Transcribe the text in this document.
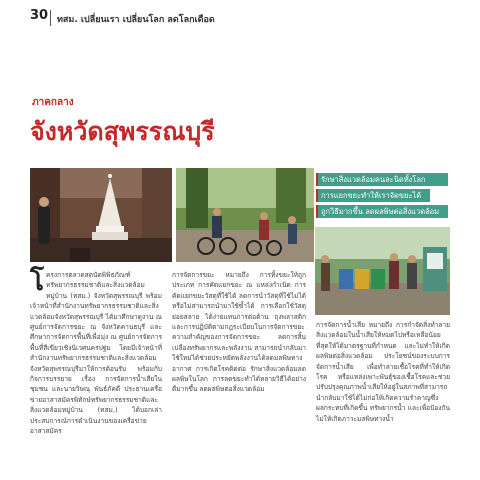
30 ทสม. เปลี่ยนเรา เปลี่ยนโลก ลดโลกเดือด
ภาคกลาง
จังหวัดสุพรรณบุรี
รักษาสิ่งแวดล้อมคนละนิดทั้งโลก
การแยกขยะทำให้เราจัดขยะได้
ถูกวิธีมากขึ้น ลดผลพิษต่อสิ่งแวดล้อม
โครงการตลาดสดนัดพิพิธภัณฑ์ทรัพยากรธรรมชาติและสิ่งแวดล้อมหมู่บ้าน (ทสม.) จังหวัดสุพรรณบุรี พร้อมเจ้าหน้าที่สำนักงานทรัพยากรธรรมชาติและสิ่งแวดล้อมจังหวัดสุพรรณบุรี ได้มาศึกษาดูงาน ณ ศูนย์การจัดการขยะ ณ จังหวัดคานธบุรี และศึกษาการจัดการพื้นที่เพื่อมุ่ง ณ ศูนย์การจัดการพื้นที่สีเขียวเชิงนิเวศนครปฐม โดยมีเจ้าหน้าที่สำนักงานทรัพยากรธรรมชาติและสิ่งแวดล้อมจังหวัดสุพรรณบุรีมาให้การต้อนรับ พร้อมกับกิจการบรรยาย เรื่อง การจัดการน้ำเสียในชุมชน และนายวิษณุ พันธ์ภัคดี ประธานเครือข่ายอาสาสมัครพิทักษ์ทรัพยากรธรรมชาติและสิ่งแวดล้อมหมู่บ้าน (ทสม.) ได้บอกเล่าประสบการณ์การดำเนินงานของเครือข่ายอาสาสมัคร
การจัดการขยะ หมายถึง การทิ้งขยะให้ถูกประเภท การคัดแยกขยะ ณ แหล่งกำเนิด การคัดแยกขยะวัสดุที่ใช้ได้ ลดการนำวัสดุที่ใช้ไม่ได้หรือไม่สามารถนำมาใช้ซ้ำได้ การเลือกใช้วัสดุย่อยสลาย ได้ง่ายแทนการต่อต้าน ถุงพลาสติกและการปฏิบัติตามกฎระเบียบในการจัดการขยะ ความสำคัญของการจัดการขยะ ลดการสิ้นเปลืองทรัพยากรและพลังงาน สามารถนำกลับมาใช้ใหม่ได้ช่วยประหยัดพลังงานได้ลดมลพิษทางอากาศ การเกิดโรคติดต่อ รักษาสิ่งแวดล้อมลดผลพิษในโลก การลดขยะทำได้หลายวิธีได้อย่างดีมากขึ้น ลดผลพิษต่อสิ่งแวดล้อม
การจัดการน้ำเสีย หมายถึง การกำจัดสิ่งทำลายสิ่งแวดล้อมในน้ำเสียให้หมดไปหรือเหลือน้อยที่สุดให้ได้มาตรฐานที่กำหนด และไม่ทำให้เกิดผลพิษต่อสิ่งแวดล้อม ประโยชน์ของระบบการจัดการน้ำเสีย เพื่อทำลายเชื้อโรคที่ทำให้เกิดโรค หรือแหล่งเพาะพันธุ์ของเชื้อโรคและช่วยปรับปรุงคุณภาพน้ำเสียให้อยู่ในสภาพที่สามารถนำกลับมาใช้ได้ไม่ก่อให้เกิดความรำคาญซึ่งผลกระทบที่เกิดขึ้น ทรัพยากรน้ำ และเพื่อป้องกันไม่ให้เกิดภาวะมลพิษทางน้ำ
